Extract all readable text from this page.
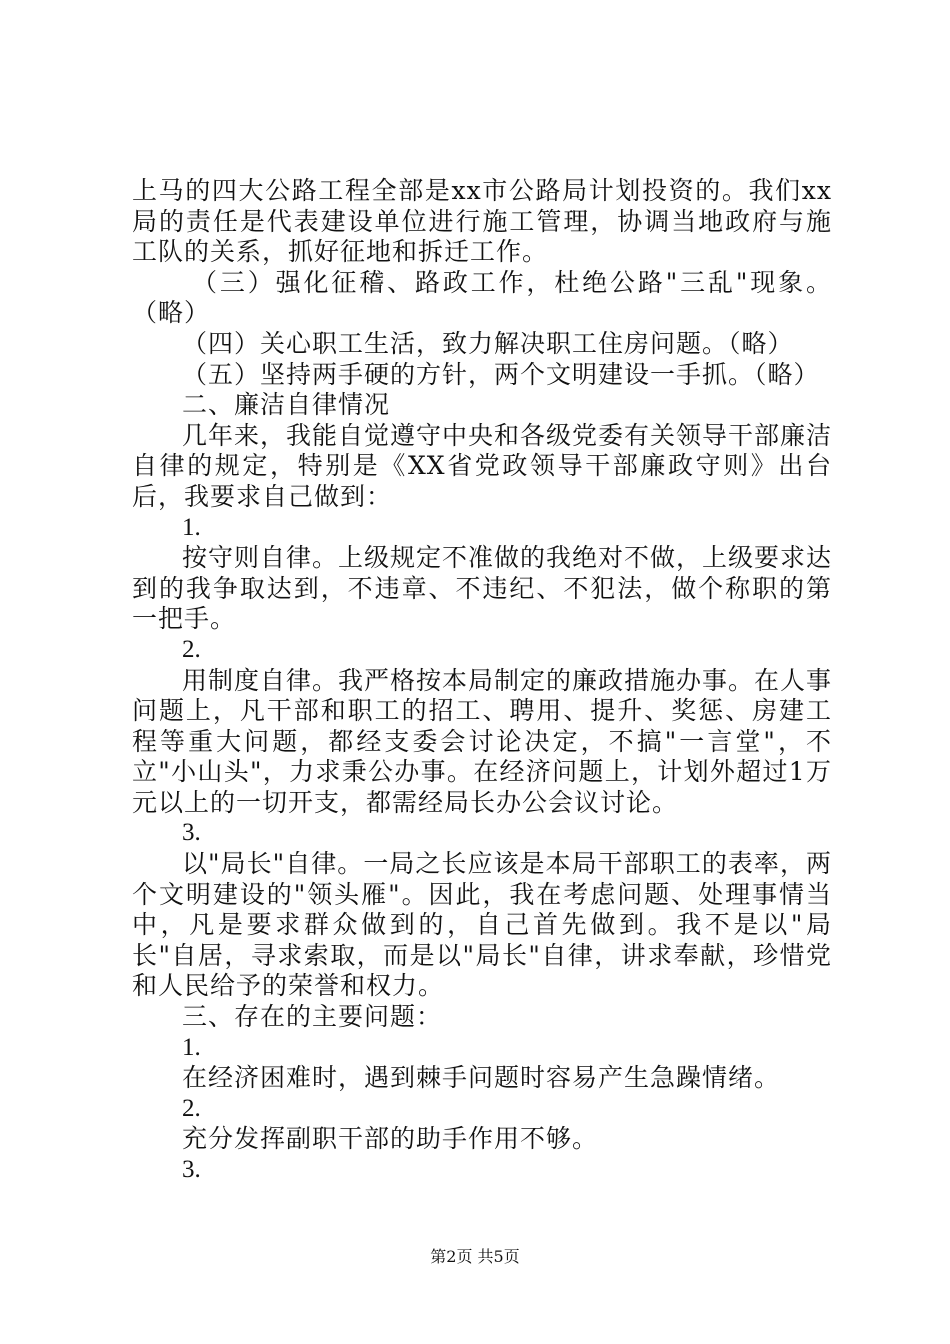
上马的四大公路工程全部是xx市公路局计划投资的。我们xx局的责任是代表建设单位进行施工管理，协调当地政府与施工队的关系，抓好征地和拆迁工作。

（三）强化征稽、路政工作，杜绝公路"三乱"现象。（略）

（四）关心职工生活，致力解决职工住房问题。（略）

（五）坚持两手硬的方针，两个文明建设一手抓。（略）

二、廉洁自律情况

几年来，我能自觉遵守中央和各级党委有关领导干部廉洁自律的规定，特别是《XX省党政领导干部廉政守则》出台后，我要求自己做到：

1.

按守则自律。上级规定不准做的我绝对不做，上级要求达到的我争取达到，不违章、不违纪、不犯法，做个称职的第一把手。

2.

用制度自律。我严格按本局制定的廉政措施办事。在人事问题上，凡干部和职工的招工、聘用、提升、奖惩、房建工程等重大问题，都经支委会讨论决定，不搞"一言堂"，不立"小山头"，力求秉公办事。在经济问题上，计划外超过1万元以上的一切开支，都需经局长办公会议讨论。

3.

以"局长"自律。一局之长应该是本局干部职工的表率，两个文明建设的"领头雁"。因此，我在考虑问题、处理事情当中，凡是要求群众做到的，自己首先做到。我不是以"局长"自居，寻求索取，而是以"局长"自律，讲求奉献，珍惜党和人民给予的荣誉和权力。

三、存在的主要问题：

1.

在经济困难时，遇到棘手问题时容易产生急躁情绪。

2.

充分发挥副职干部的助手作用不够。

3.

第2页 共5页
